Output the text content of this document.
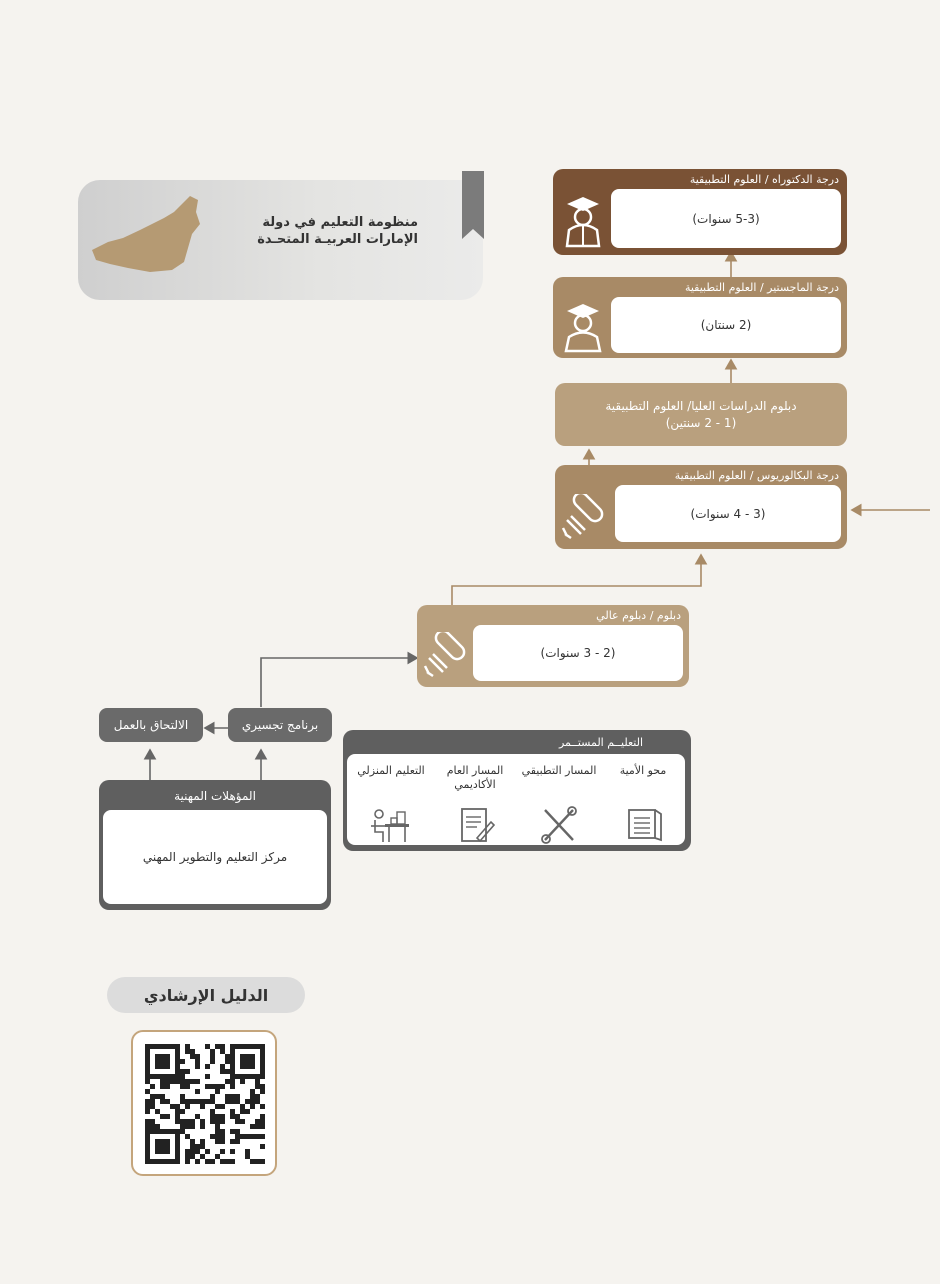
منظومة التعليم في دولة
الإمارات العربيـة المتحـدة
درجة الدكتوراه / العلوم التطبيقية
(5-3 سنوات)
درجة الماجستير / العلوم التطبيقية
(2 سنتان)
دبلوم الدراسات العليا/ العلوم التطبيقية
(1 - 2 سنتين)
درجة البكالوريوس / العلوم التطبيقية
(3 - 4 سنوات)
دبلوم / دبلوم عالي
(2 - 3 سنوات)
برنامج تجسيري
الالتحاق بالعمل
المؤهلات المهنية
مركز التعليم والتطوير المهني
التعليــم المستــمر
محو الأمية
المسار التطبيقي
المسار العام الأكاديمي
التعليم المنزلي
الدليل الإرشادي
